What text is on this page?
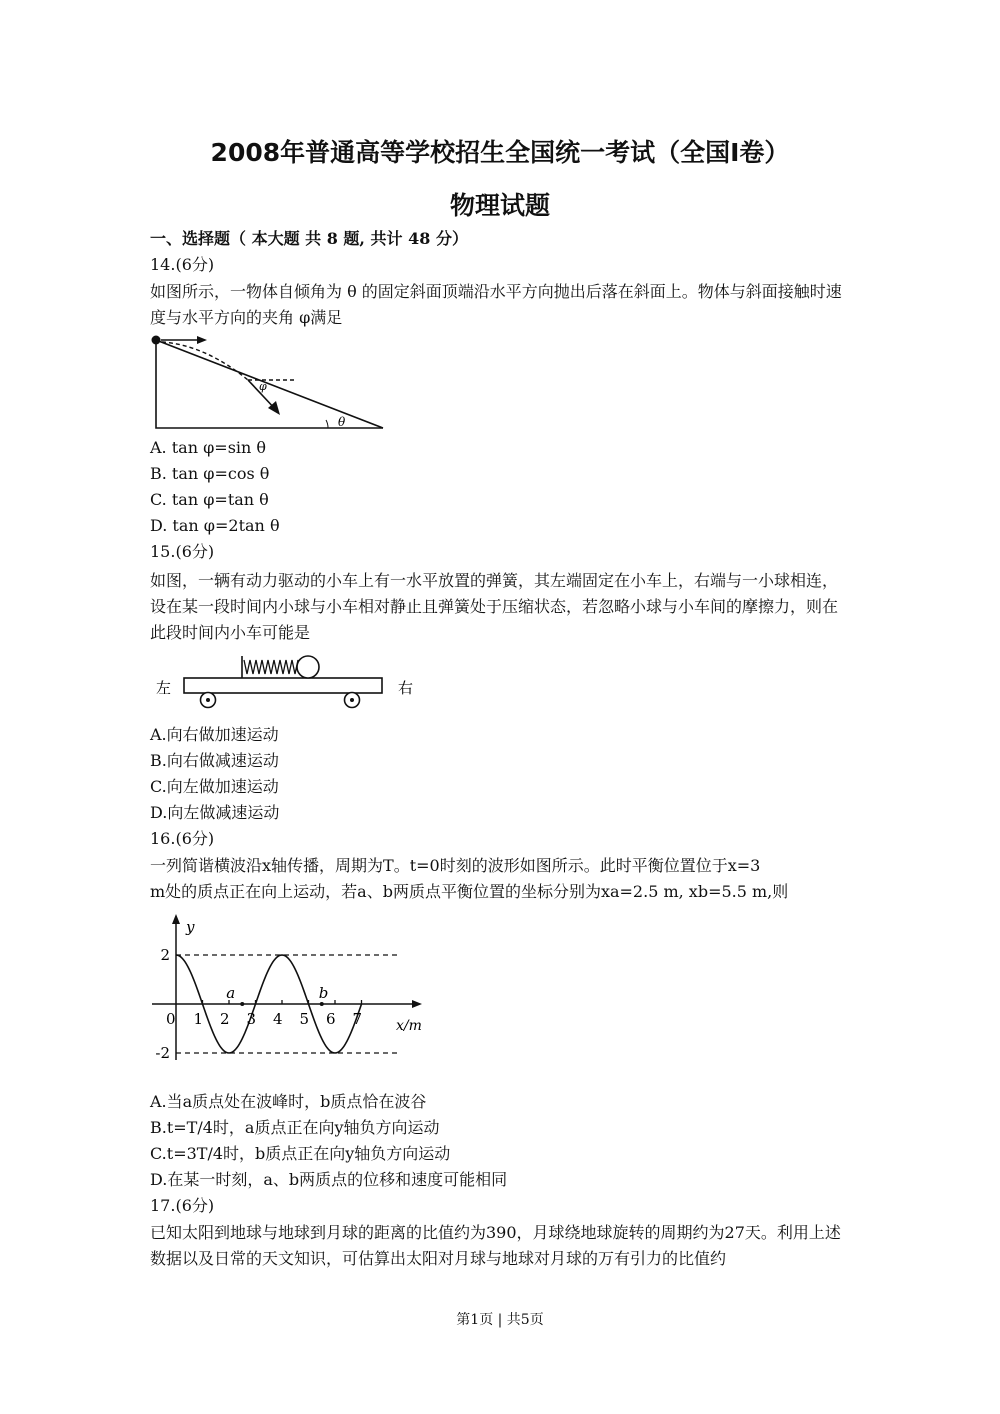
2008年普通高等学校招生全国统一考试（全国Ⅰ卷）
物理试题
一、选择题（ 本大题 共 8 题, 共计 48 分）
14.(6分)
如图所示，一物体自倾角为 θ 的固定斜面顶端沿水平方向抛出后落在斜面上。物体与斜面接触时速度与水平方向的夹角 φ满足
θ
φ
A. tan φ=sin θ
B. tan φ=cos θ
C. tan φ=tan θ
D. tan φ=2tan θ
15.(6分)
如图，一辆有动力驱动的小车上有一水平放置的弹簧，其左端固定在小车上，右端与一小球相连，设在某一段时间内小球与小车相对静止且弹簧处于压缩状态，若忽略小球与小车间的摩擦力，则在此段时间内小车可能是
左	右
A.向右做加速运动
B.向右做减速运动
C.向左做加速运动
D.向左做减速运动
16.(6分)
一列简谐横波沿x轴传播，周期为T。t=0时刻的波形如图所示。此时平衡位置位于x=3
m处的质点正在向上运动，若a、b两质点平衡位置的坐标分别为xa=2.5 m, xb=5.5 m,则
y
x/m
2
-2
0 1 2 3 4 5 6 7
a	b
A.当a质点处在波峰时，b质点恰在波谷
B.t=T/4时，a质点正在向y轴负方向运动
C.t=3T/4时，b质点正在向y轴负方向运动
D.在某一时刻，a、b两质点的位移和速度可能相同
17.(6分)
已知太阳到地球与地球到月球的距离的比值约为390，月球绕地球旋转的周期约为27天。利用上述数据以及日常的天文知识，可估算出太阳对月球与地球对月球的万有引力的比值约
第1页 | 共5页
